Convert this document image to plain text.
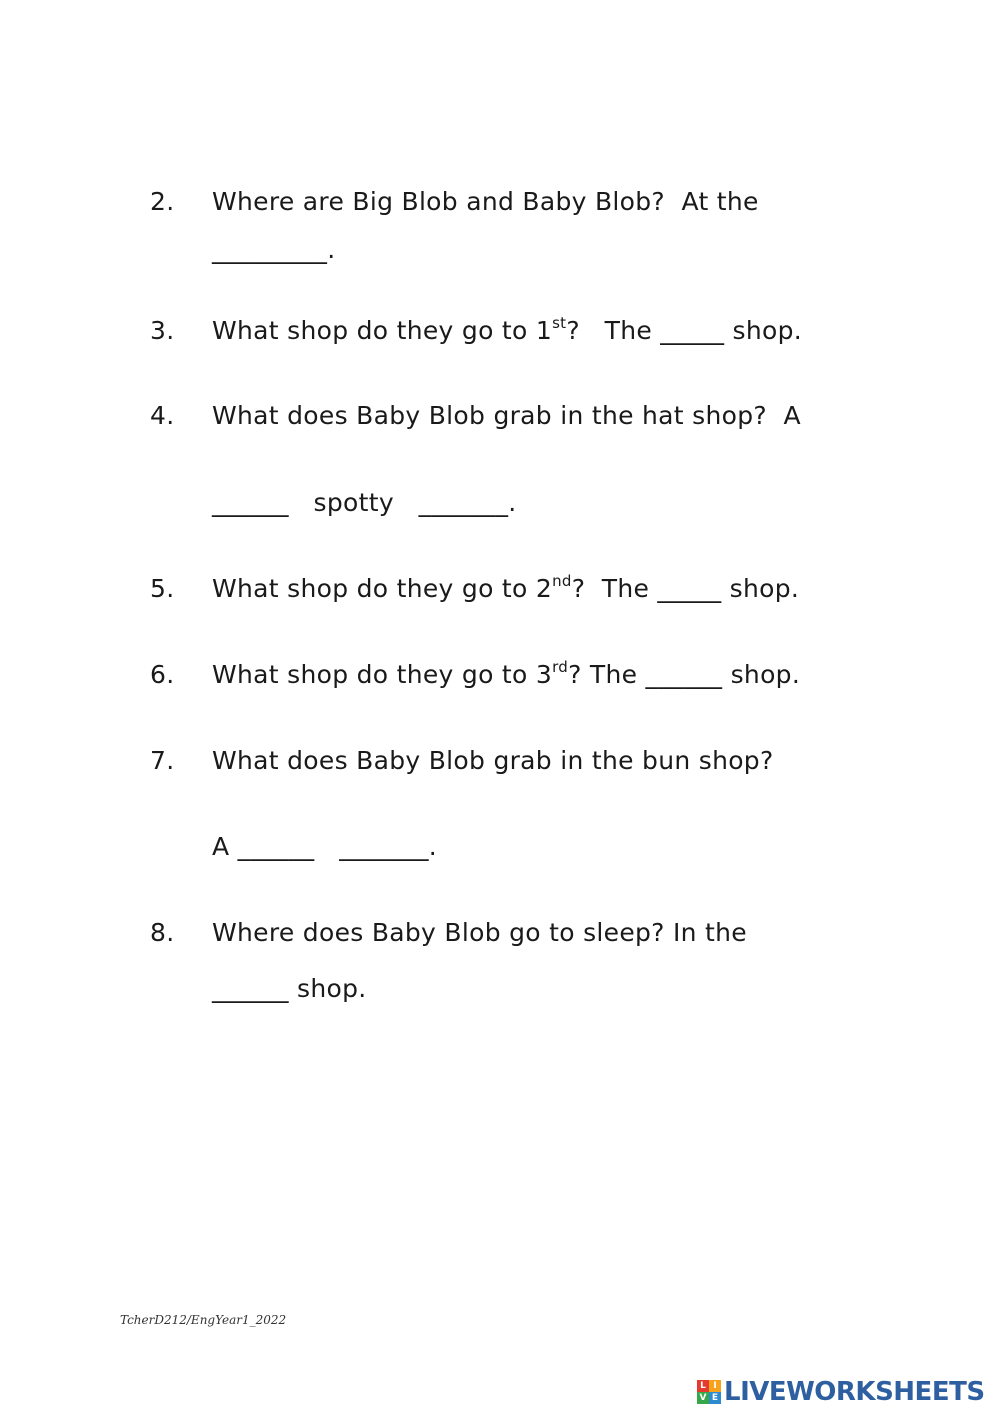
2. Where are Big Blob and Baby Blob?  At the
_________.
3. What shop do they go to 1st?   The _____ shop.
4. What does Baby Blob grab in the hat shop?  A
______   spotty   _______.
5. What shop do they go to 2nd?  The _____ shop.
6. What shop do they go to 3rd? The ______ shop.
7. What does Baby Blob grab in the bun shop?
A ______   _______.
8. Where does Baby Blob go to sleep? In the
______ shop.
TcherD212/EngYear1_2022
L I
V E LIVEWORKSHEETS
